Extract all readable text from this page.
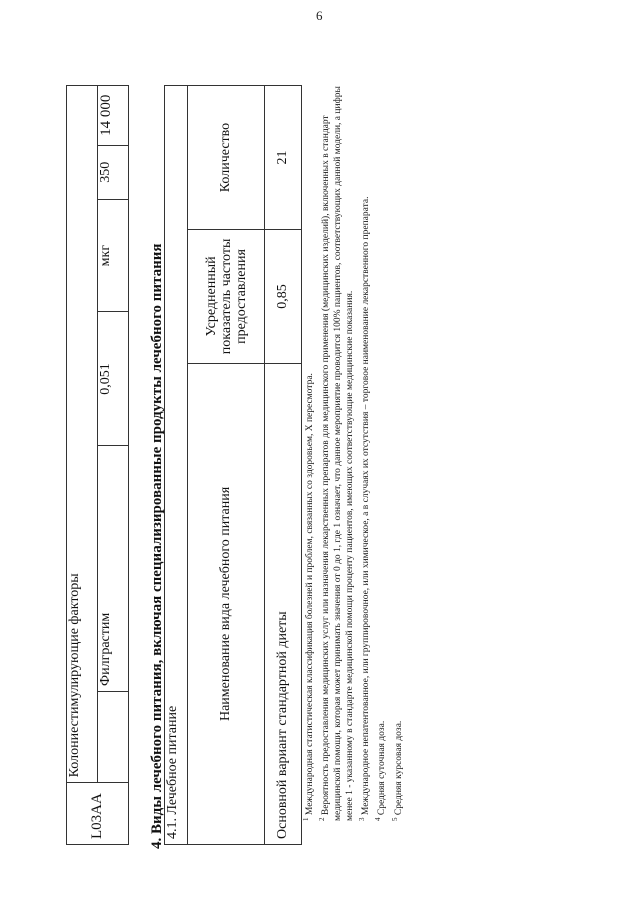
6
L03AA	Колониестимулирующие факторы					
		Филграстим	0,051	мкг	350	14 000
4. Виды лечебного питания, включая специализированные продукты лечебного питания 4.1. Лечебное питание		
Наименование вида лечебного питания	Усредненный показатель частоты предоставления	Количество
Основной вариант стандартной диеты	0,85	21

$^1$ Международная статистическая классификация болезней и проблем, связанных со здоровьем, X пересмотра.

$^2$ Вероятность предоставления медицинских услуг или назначения лекарственных препаратов для медицинского применения (медицинских изделий), включенных в стандарт медицинской помощи, которая может принимать значения от 0 до 1, где 1 означает, что данное мероприятие проводится 100% пациентов, соответствующих данной модели, а цифры менее 1 - указанному в стандарте медицинской помощи проценту пациентов, имеющих соответствующие медицинские показания. $^3$ Международное непатентованное, или группировочное, или химическое, а в случаях их отсутствия – торговое наименование лекарственного препарата.

$^4$ Средняя суточная доза.

$^5$ Средняя курсовая доза.
